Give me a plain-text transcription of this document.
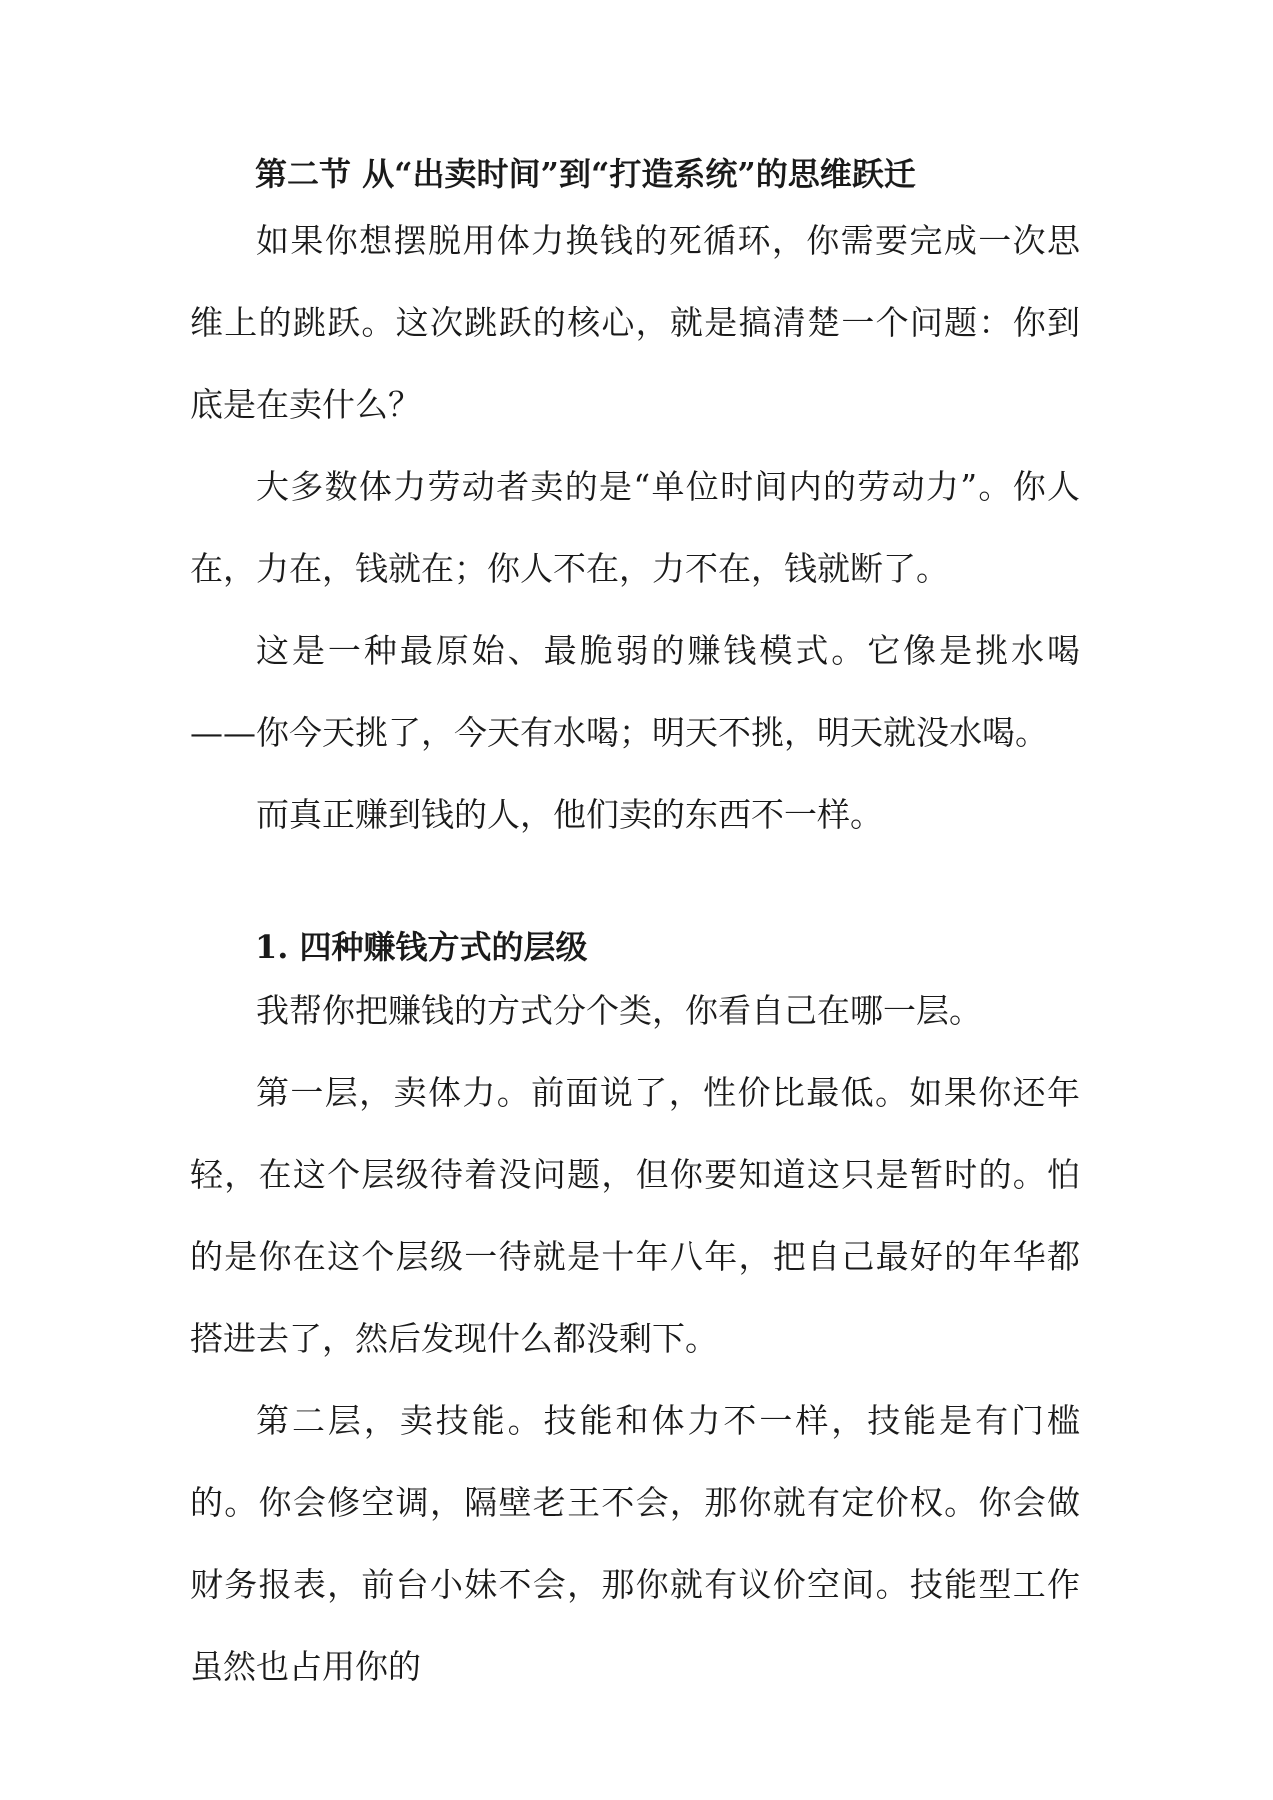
第二节 从“出卖时间”到“打造系统”的思维跃迁

如果你想摆脱用体力换钱的死循环，你需要完成一次思维上的跳跃。这次跳跃的核心，就是搞清楚一个问题：你到底是在卖什么？

大多数体力劳动者卖的是“单位时间内的劳动力”。你人在，力在，钱就在；你人不在，力不在，钱就断了。

这是一种最原始、最脆弱的赚钱模式。它像是挑水喝——你今天挑了，今天有水喝；明天不挑，明天就没水喝。

而真正赚到钱的人，他们卖的东西不一样。

1. 四种赚钱方式的层级

我帮你把赚钱的方式分个类，你看自己在哪一层。

第一层，卖体力。前面说了，性价比最低。如果你还年轻，在这个层级待着没问题，但你要知道这只是暂时的。怕的是你在这个层级一待就是十年八年，把自己最好的年华都搭进去了，然后发现什么都没剩下。

第二层，卖技能。技能和体力不一样，技能是有门槛的。你会修空调，隔壁老王不会，那你就有定价权。你会做财务报表，前台小妹不会，那你就有议价空间。技能型工作虽然也占用你的
